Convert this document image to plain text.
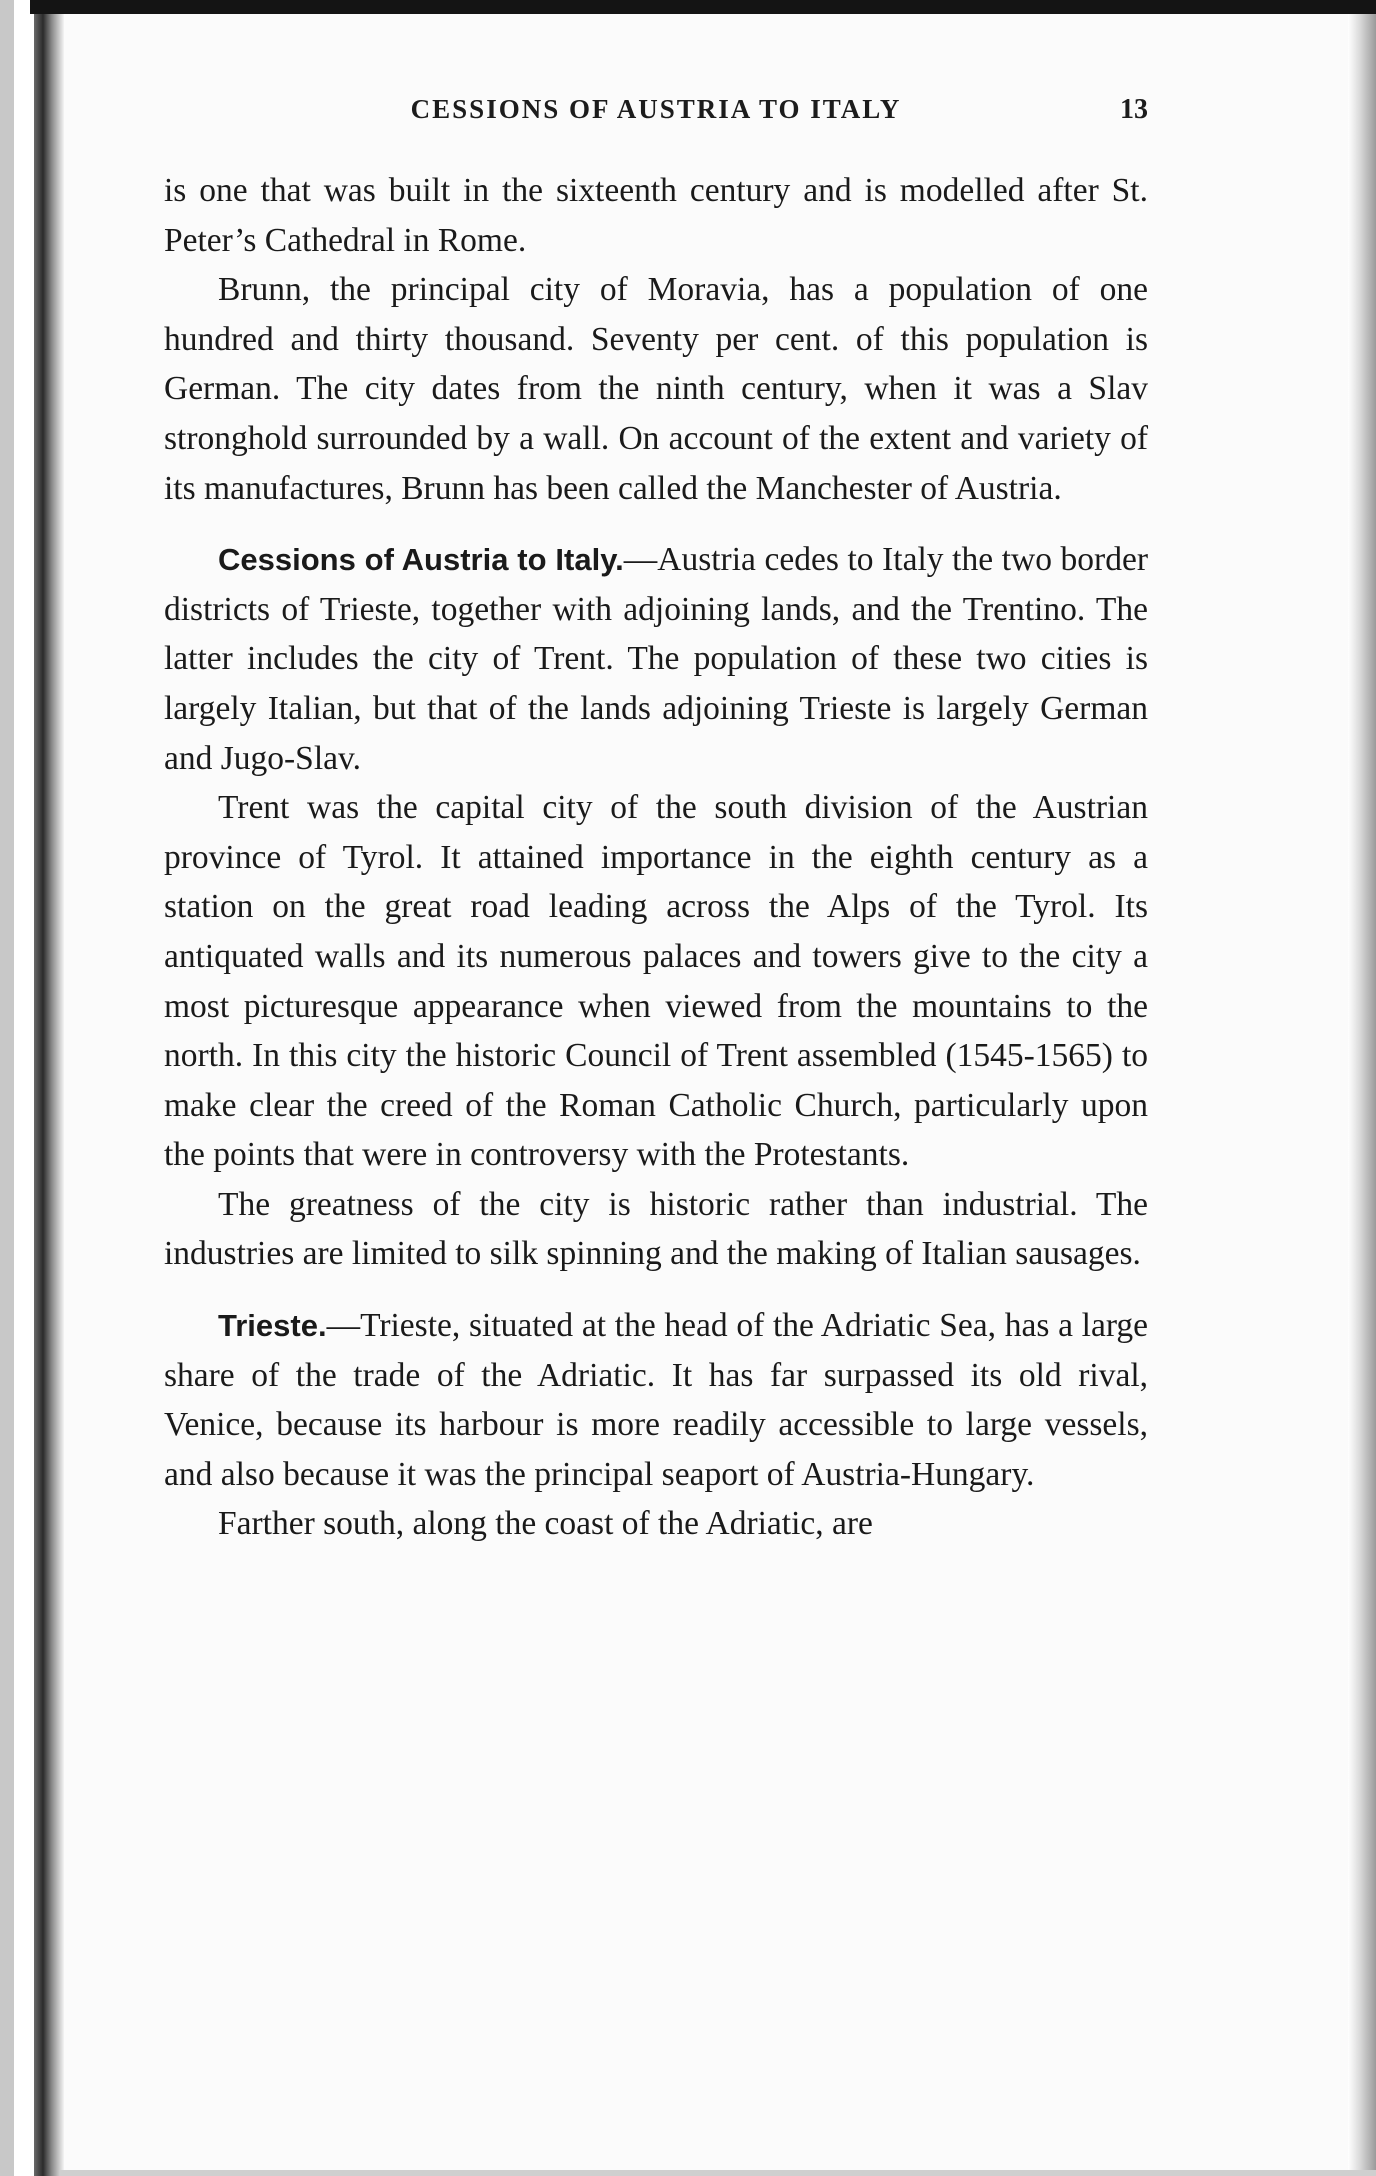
CESSIONS OF AUSTRIA TO ITALY	13

is one that was built in the sixteenth century and is modelled after St. Peter’s Cathedral in Rome.

Brunn, the principal city of Moravia, has a population of one hundred and thirty thousand. Seventy per cent. of this population is German. The city dates from the ninth century, when it was a Slav stronghold surrounded by a wall. On account of the extent and variety of its manufactures, Brunn has been called the Manchester of Austria.

Cessions of Austria to Italy.—Austria cedes to Italy the two border districts of Trieste, together with adjoining lands, and the Trentino. The latter includes the city of Trent. The population of these two cities is largely Italian, but that of the lands adjoining Trieste is largely German and Jugo-Slav.

Trent was the capital city of the south division of the Austrian province of Tyrol. It attained importance in the eighth century as a station on the great road leading across the Alps of the Tyrol. Its antiquated walls and its numerous palaces and towers give to the city a most picturesque appearance when viewed from the mountains to the north. In this city the historic Council of Trent assembled (1545-1565) to make clear the creed of the Roman Catholic Church, particularly upon the points that were in controversy with the Protestants.

The greatness of the city is historic rather than industrial. The industries are limited to silk spinning and the making of Italian sausages.

Trieste.—Trieste, situated at the head of the Adriatic Sea, has a large share of the trade of the Adriatic. It has far surpassed its old rival, Venice, because its harbour is more readily accessible to large vessels, and also because it was the principal seaport of Austria-Hungary.

Farther south, along the coast of the Adriatic, are
